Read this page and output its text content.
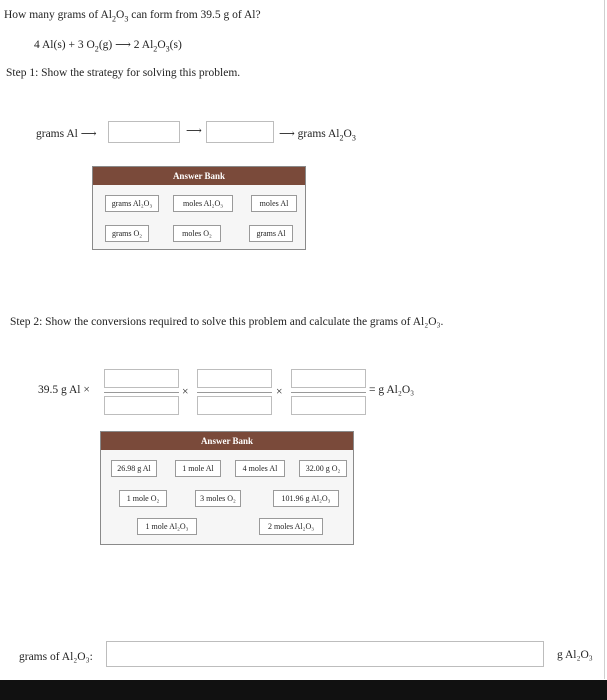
How many grams of $Al_2O_3$ can form from 39.5 g of Al?
4 Al(s) + 3 $O_2(g)$ ⟶ 2 $Al_2O_3(s)$
Step 1: Show the strategy for solving this problem.
grams Al ⟶	⟶	⟶ grams $Al_2O_3$
Answer Bank
grams Al₂O₃	moles Al₂O₃	moles Al
grams O₂	moles O₂	grams Al
Step 2: Show the conversions required to solve this problem and calculate the grams of Al₂O₃.
39.5 g Al ×	×	×	= g Al₂O₃
Answer Bank
26.98 g Al	1 mole Al	4 moles Al	32.00 g O₂
1 mole O₂	3 moles O₂	101.96 g Al₂O₃
1 mole Al₂O₃	2 moles Al₂O₃
grams of Al₂O₃:	g Al₂O₃
